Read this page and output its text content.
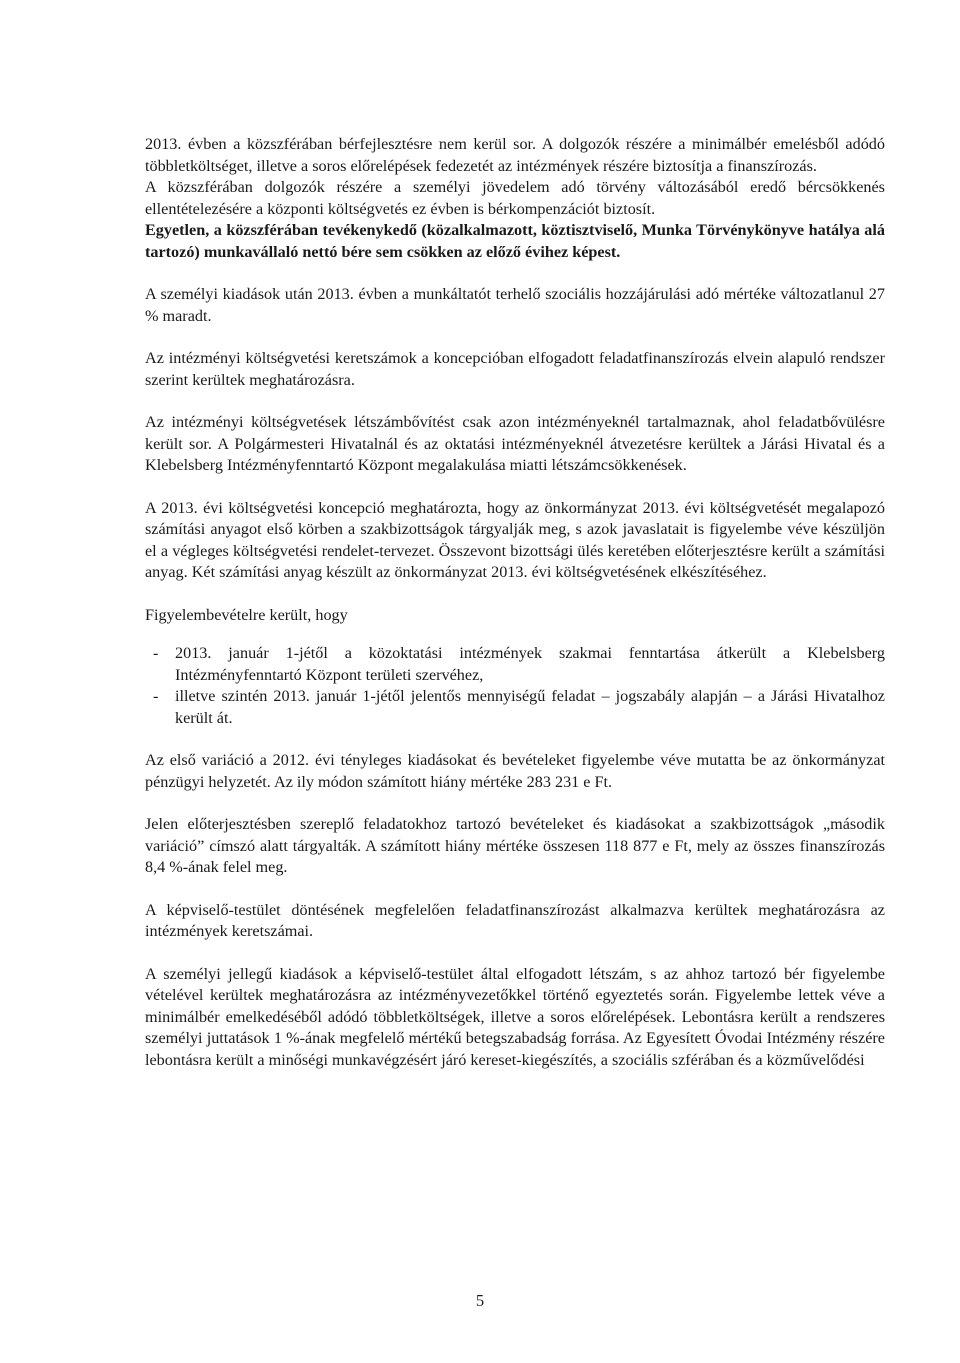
2013. évben a közszférában bérfejlesztésre nem kerül sor. A dolgozók részére a minimálbér emelésből adódó többletköltséget, illetve a soros előrelépések fedezetét az intézmények részére biztosítja a finanszírozás.

A közszférában dolgozók részére a személyi jövedelem adó törvény változásából eredő bércsökkenés ellentételezésére a központi költségvetés ez évben is bérkompenzációt biztosít.

Egyetlen, a közszférában tevékenykedő (közalkalmazott, köztisztviselő, Munka Törvénykönyve hatálya alá tartozó) munkavállaló nettó bére sem csökken az előző évihez képest.

A személyi kiadások után 2013. évben a munkáltatót terhelő szociális hozzájárulási adó mértéke változatlanul 27 % maradt.

Az intézményi költségvetési keretszámok a koncepcióban elfogadott feladatfinanszírozás elvein alapuló rendszer szerint kerültek meghatározásra.

Az intézményi költségvetések létszámbővítést csak azon intézményeknél tartalmaznak, ahol feladatbővülésre került sor. A Polgármesteri Hivatalnál és az oktatási intézményeknél átvezetésre kerültek a Járási Hivatal és a Klebelsberg Intézményfenntartó Központ megalakulása miatti létszámcsökkenések.

A 2013. évi költségvetési koncepció meghatározta, hogy az önkormányzat 2013. évi költségvetését megalapozó számítási anyagot első körben a szakbizottságok tárgyalják meg, s azok javaslatait is figyelembe véve készüljön el a végleges költségvetési rendelet-tervezet. Összevont bizottsági ülés keretében előterjesztésre került a számítási anyag. Két számítási anyag készült az önkormányzat 2013. évi költségvetésének elkészítéséhez.

Figyelembevételre került, hogy

- 2013. január 1-jétől a közoktatási intézmények szakmai fenntartása átkerült a Klebelsberg Intézményfenntartó Központ területi szervéhez,
- illetve szintén 2013. január 1-jétől jelentős mennyiségű feladat – jogszabály alapján – a Járási Hivatalhoz került át.

Az első variáció a 2012. évi tényleges kiadásokat és bevételeket figyelembe véve mutatta be az önkormányzat pénzügyi helyzetét. Az ily módon számított hiány mértéke 283 231 e Ft.

Jelen előterjesztésben szereplő feladatokhoz tartozó bevételeket és kiadásokat a szakbizottságok „második variáció” címszó alatt tárgyalták. A számított hiány mértéke összesen 118 877 e Ft, mely az összes finanszírozás 8,4 %-ának felel meg.

A képviselő-testület döntésének megfelelően feladatfinanszírozást alkalmazva kerültek meghatározásra az intézmények keretszámai.

A személyi jellegű kiadások a képviselő-testület által elfogadott létszám, s az ahhoz tartozó bér figyelembe vételével kerültek meghatározásra az intézményvezetőkkel történő egyeztetés során. Figyelembe lettek véve a minimálbér emelkedéséből adódó többletköltségek, illetve a soros előrelépések. Lebontásra került a rendszeres személyi juttatások 1 %-ának megfelelő mértékű betegszabadság forrása. Az Egyesített Óvodai Intézmény részére lebontásra került a minőségi munkavégzésért járó kereset-kiegészítés, a szociális szférában és a közművelődési

5
